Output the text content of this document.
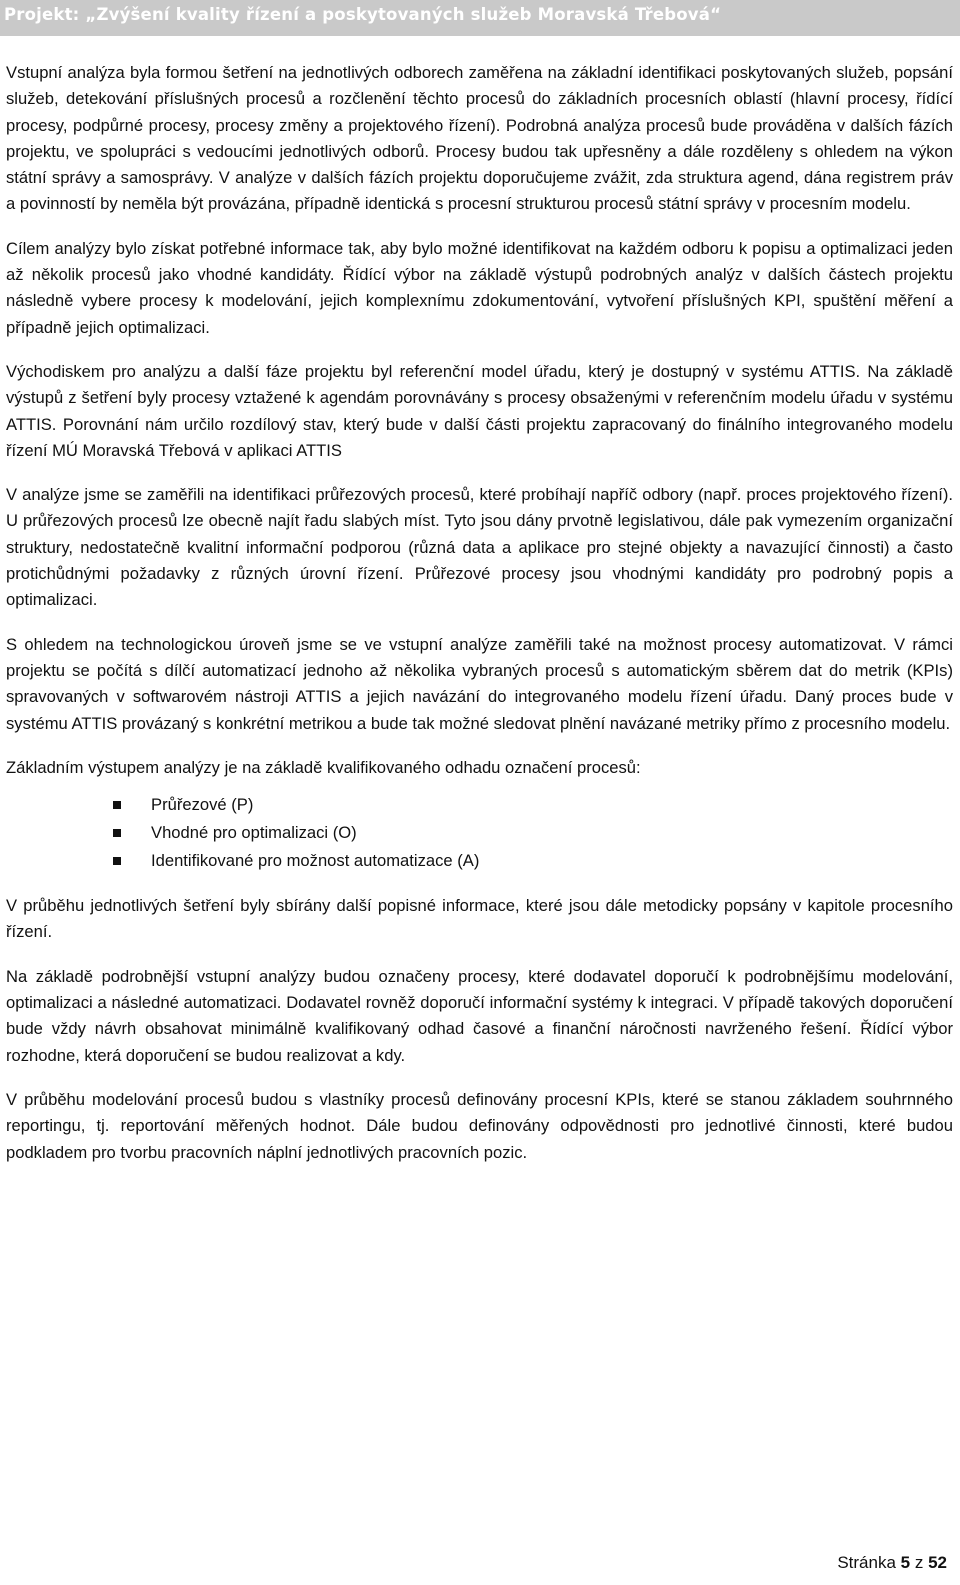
Projekt: „Zvýšení kvality řízení a poskytovaných služeb Moravská Třebová“

Vstupní analýza byla formou šetření na jednotlivých odborech zaměřena na základní identifikaci poskytovaných služeb, popsání služeb, detekování příslušných procesů a rozčlenění těchto procesů do základních procesních oblastí (hlavní procesy, řídící procesy, podpůrné procesy, procesy změny a projektového řízení). Podrobná analýza procesů bude prováděna v dalších fázích projektu, ve spolupráci s vedoucími jednotlivých odborů. Procesy budou tak upřesněny a dále rozděleny s ohledem na výkon státní správy a samosprávy. V analýze v dalších fázích projektu doporučujeme zvážit, zda struktura agend, dána registrem práv a povinností by neměla být provázána, případně identická s procesní strukturou procesů státní správy v procesním modelu.

Cílem analýzy bylo získat potřebné informace tak, aby bylo možné identifikovat na každém odboru k popisu a optimalizaci jeden až několik procesů jako vhodné kandidáty. Řídící výbor na základě výstupů podrobných analýz v dalších částech projektu následně vybere procesy k modelování, jejich komplexnímu zdokumentování, vytvoření příslušných KPI, spuštění měření a případně jejich optimalizaci.

Východiskem pro analýzu a další fáze projektu byl referenční model úřadu, který je dostupný v systému ATTIS. Na základě výstupů z šetření byly procesy vztažené k agendám porovnávány s procesy obsaženými v referenčním modelu úřadu v systému ATTIS. Porovnání nám určilo rozdílový stav, který bude v další části projektu zapracovaný do finálního integrovaného modelu řízení MÚ Moravská Třebová v aplikaci ATTIS

V analýze jsme se zaměřili na identifikaci průřezových procesů, které probíhají napříč odbory (např. proces projektového řízení). U průřezových procesů lze obecně najít řadu slabých míst. Tyto jsou dány prvotně legislativou, dále pak vymezením organizační struktury, nedostatečně kvalitní informační podporou (různá data a aplikace pro stejné objekty a navazující činnosti) a často protichůdnými požadavky z různých úrovní řízení. Průřezové procesy jsou vhodnými kandidáty pro podrobný popis a optimalizaci.

S ohledem na technologickou úroveň jsme se ve vstupní analýze zaměřili také na možnost procesy automatizovat. V rámci projektu se počítá s dílčí automatizací jednoho až několika vybraných procesů s automatickým sběrem dat do metrik (KPIs) spravovaných v softwarovém nástroji ATTIS a jejich navázání do integrovaného modelu řízení úřadu. Daný proces bude v systému ATTIS provázaný s konkrétní metrikou a bude tak možné sledovat plnění navázané metriky přímo z procesního modelu.

Základním výstupem analýzy je na základě kvalifikovaného odhadu označení procesů:

Průřezové (P)
Vhodné pro optimalizaci (O)
Identifikované pro možnost automatizace (A)

V průběhu jednotlivých šetření byly sbírány další popisné informace, které jsou dále metodicky popsány v kapitole procesního řízení.

Na základě podrobnější vstupní analýzy budou označeny procesy, které dodavatel doporučí k podrobnějšímu modelování, optimalizaci a následné automatizaci. Dodavatel rovněž doporučí informační systémy k integraci. V případě takových doporučení bude vždy návrh obsahovat minimálně kvalifikovaný odhad časové a finanční náročnosti navrženého řešení. Řídící výbor rozhodne, která doporučení se budou realizovat a kdy.

V průběhu modelování procesů budou s vlastníky procesů definovány procesní KPIs, které se stanou základem souhrnného reportingu, tj. reportování měřených hodnot. Dále budou definovány odpovědnosti pro jednotlivé činnosti, které budou podkladem pro tvorbu pracovních náplní jednotlivých pracovních pozic.

Stránka 5 z 52
